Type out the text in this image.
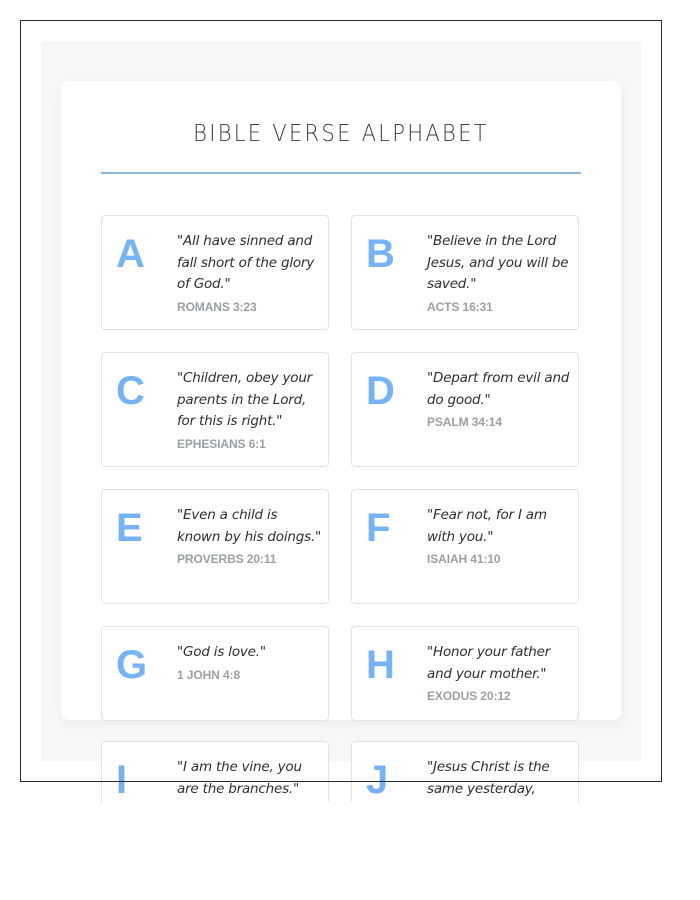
BIBLE VERSE ALPHABET
A	"All have sinned and fall short of the glory of God."
ROMANS 3:23
B	"Believe in the Lord Jesus, and you will be saved."
ACTS 16:31
C	"Children, obey your parents in the Lord, for this is right."
EPHESIANS 6:1
D	"Depart from evil and do good."
PSALM 34:14
E	"Even a child is known by his doings."
PROVERBS 20:11
F	"Fear not, for I am with you."
ISAIAH 41:10
G	"God is love."
1 JOHN 4:8	H	"Honor your father and your mother."
EXODUS 20:12
I	"I am the vine, you are the branches."	J	"Jesus Christ is the same yesterday,
